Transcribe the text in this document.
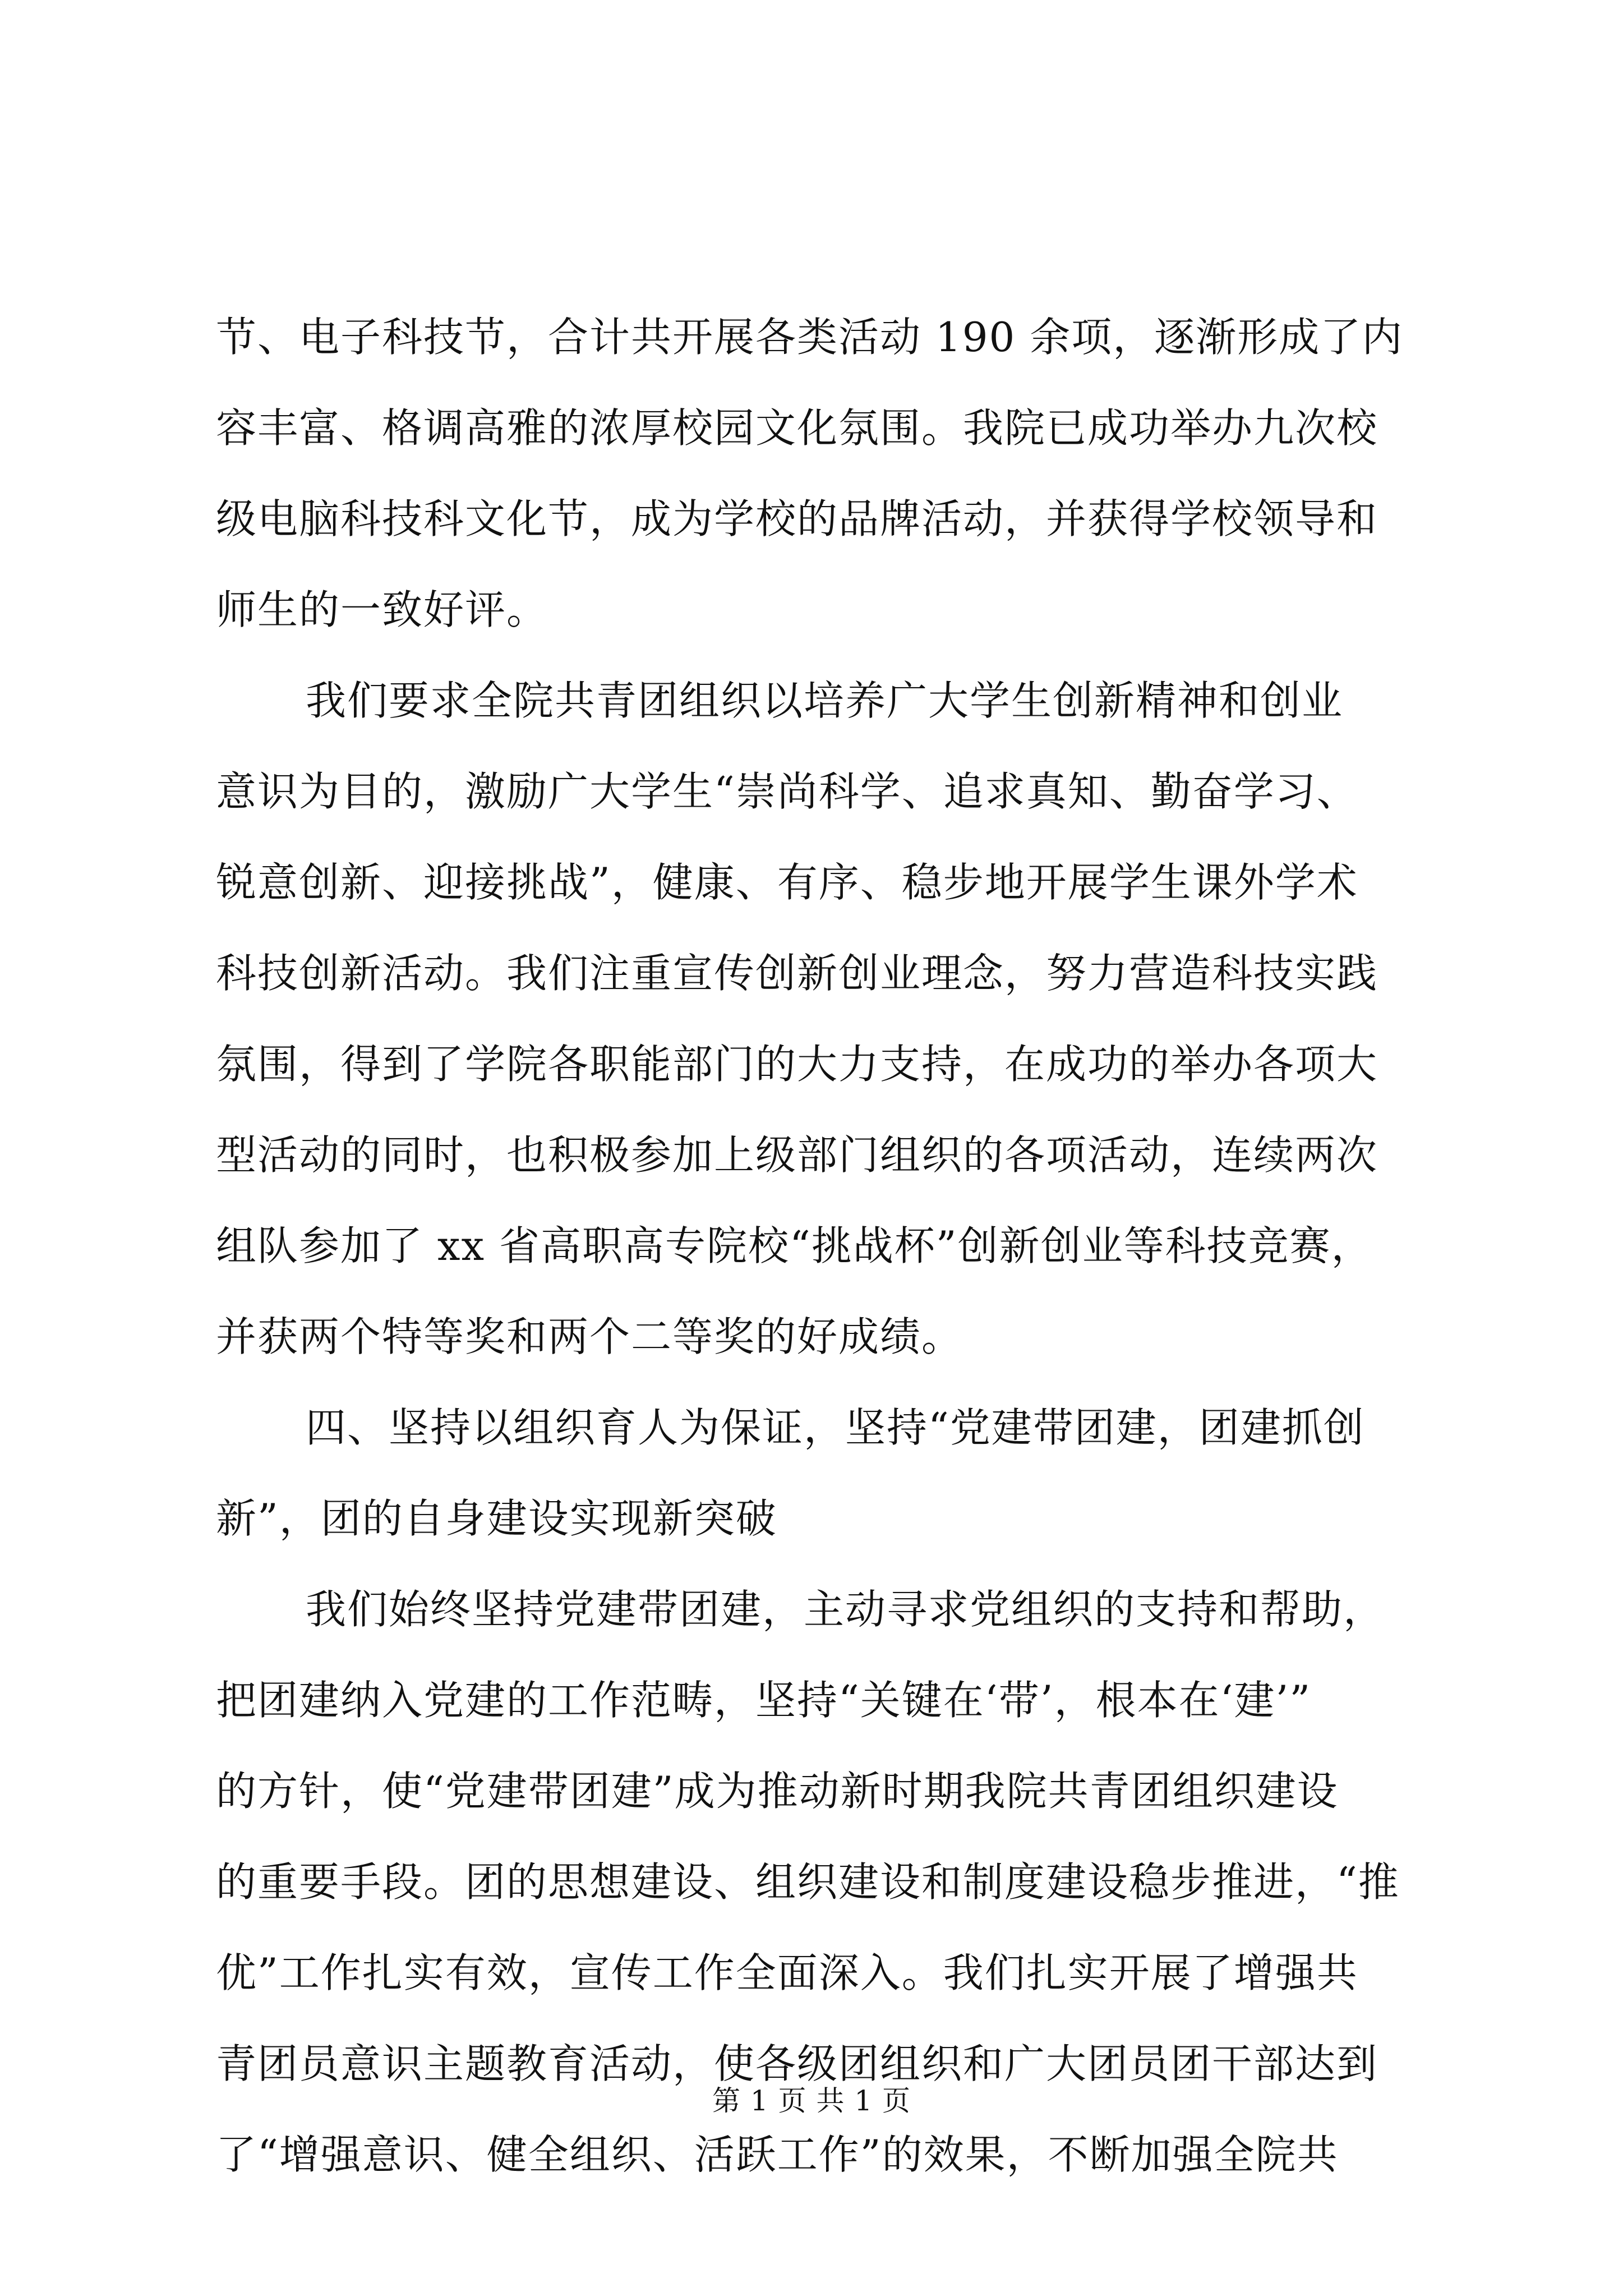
节、电子科技节，合计共开展各类活动 190 余项，逐渐形成了内
容丰富、格调高雅的浓厚校园文化氛围。我院已成功举办九次校
级电脑科技科文化节，成为学校的品牌活动，并获得学校领导和
师生的一致好评。
我们要求全院共青团组织以培养广大学生创新精神和创业
意识为目的，激励广大学生“崇尚科学、追求真知、勤奋学习、
锐意创新、迎接挑战”，健康、有序、稳步地开展学生课外学术
科技创新活动。我们注重宣传创新创业理念，努力营造科技实践
氛围，得到了学院各职能部门的大力支持，在成功的举办各项大
型活动的同时，也积极参加上级部门组织的各项活动，连续两次
组队参加了 xx 省高职高专院校“挑战杯”创新创业等科技竞赛，
并获两个特等奖和两个二等奖的好成绩。
四、坚持以组织育人为保证，坚持“党建带团建，团建抓创
新”，团的自身建设实现新突破
我们始终坚持党建带团建，主动寻求党组织的支持和帮助，
把团建纳入党建的工作范畴，坚持“关键在‘带’，根本在‘建’”
的方针，使“党建带团建”成为推动新时期我院共青团组织建设
的重要手段。团的思想建设、组织建设和制度建设稳步推进，“推
优”工作扎实有效，宣传工作全面深入。我们扎实开展了增强共
青团员意识主题教育活动，使各级团组织和广大团员团干部达到
了“增强意识、健全组织、活跃工作”的效果，不断加强全院共
第 1 页 共 1 页
